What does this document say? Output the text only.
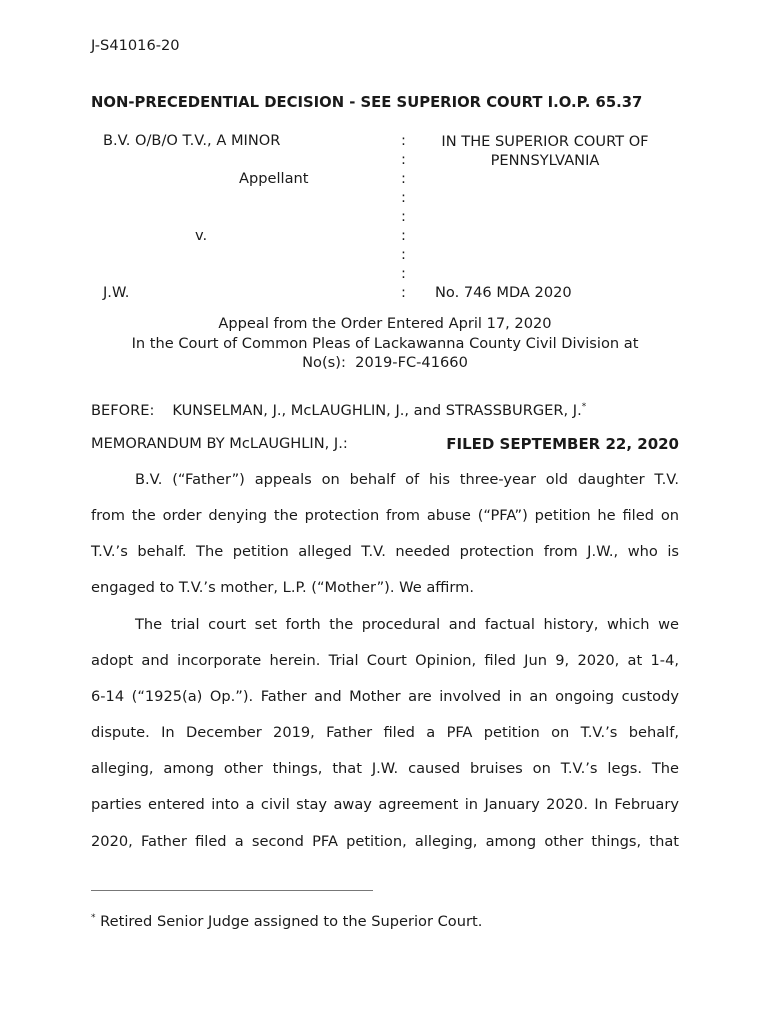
J-S41016-20
NON-PRECEDENTIAL DECISION - SEE SUPERIOR COURT I.O.P. 65.37
B.V. O/B/O T.V., A MINOR
Appellant
v.
J.W.
:
:
:
:
:
:
:
:
:
IN THE SUPERIOR COURT OF
PENNSYLVANIA
No. 746 MDA 2020
Appeal from the Order Entered April 17, 2020
In the Court of Common Pleas of Lackawanna County Civil Division at
No(s):  2019-FC-41660
BEFORE: KUNSELMAN, J., McLAUGHLIN, J., and STRASSBURGER, J.*
MEMORANDUM BY McLAUGHLIN, J.:	FILED SEPTEMBER 22, 2020
B.V. (“Father”) appeals on behalf of his three-year old daughter T.V.
from the order denying the protection from abuse (“PFA”) petition he filed on
T.V.’s behalf. The petition alleged T.V. needed protection from J.W., who is
engaged to T.V.’s mother, L.P. (“Mother”). We affirm.
The trial court set forth the procedural and factual history, which we
adopt and incorporate herein. Trial Court Opinion, filed Jun 9, 2020, at 1-4,
6-14 (“1925(a) Op.”). Father and Mother are involved in an ongoing custody
dispute. In December 2019, Father filed a PFA petition on T.V.’s behalf,
alleging, among other things, that J.W. caused bruises on T.V.’s legs. The
parties entered into a civil stay away agreement in January 2020. In February
2020, Father filed a second PFA petition, alleging, among other things, that
* Retired Senior Judge assigned to the Superior Court.
